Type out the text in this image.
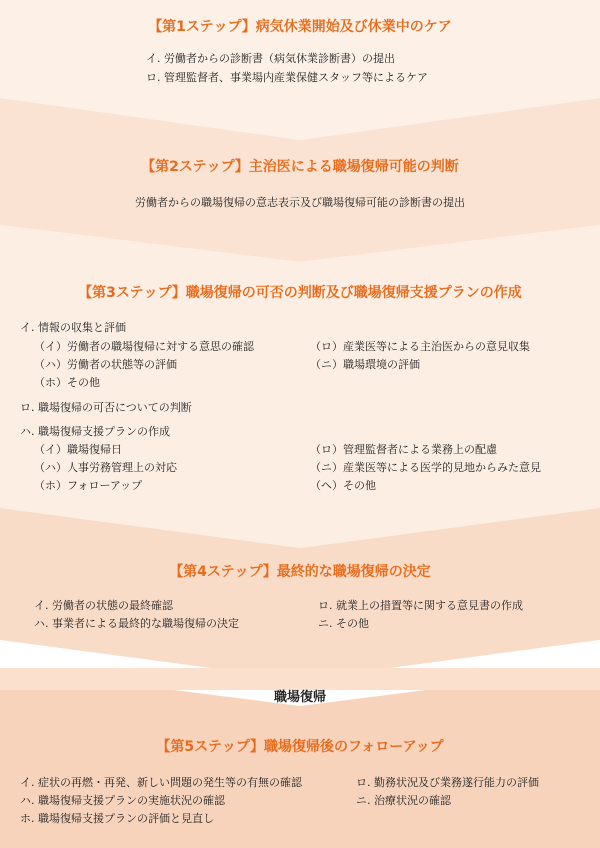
【第1ステップ】病気休業開始及び休業中のケア
イ. 労働者からの診断書（病気休業診断書）の提出
ロ. 管理監督者、事業場内産業保健スタッフ等によるケア
【第2ステップ】主治医による職場復帰可能の判断
労働者からの職場復帰の意志表示及び職場復帰可能の診断書の提出
【第3ステップ】職場復帰の可否の判断及び職場復帰支援プランの作成
イ. 情報の収集と評価
（イ）労働者の職場復帰に対する意思の確認	（ロ）産業医等による主治医からの意見収集
（ハ）労働者の状態等の評価	（ニ）職場環境の評価
（ホ）その他
ロ. 職場復帰の可否についての判断
ハ. 職場復帰支援プランの作成
（イ）職場復帰日	（ロ）管理監督者による業務上の配慮
（ハ）人事労務管理上の対応	（ニ）産業医等による医学的見地からみた意見
（ホ）フォローアップ	（ヘ）その他
【第4ステップ】最終的な職場復帰の決定
イ. 労働者の状態の最終確認	ロ. 就業上の措置等に関する意見書の作成
ハ. 事業者による最終的な職場復帰の決定	ニ. その他
職場復帰
【第5ステップ】職場復帰後のフォローアップ
イ. 症状の再燃・再発、新しい問題の発生等の有無の確認	ロ. 勤務状況及び業務遂行能力の評価
ハ. 職場復帰支援プランの実施状況の確認	ニ. 治療状況の確認
ホ. 職場復帰支援プランの評価と見直し
